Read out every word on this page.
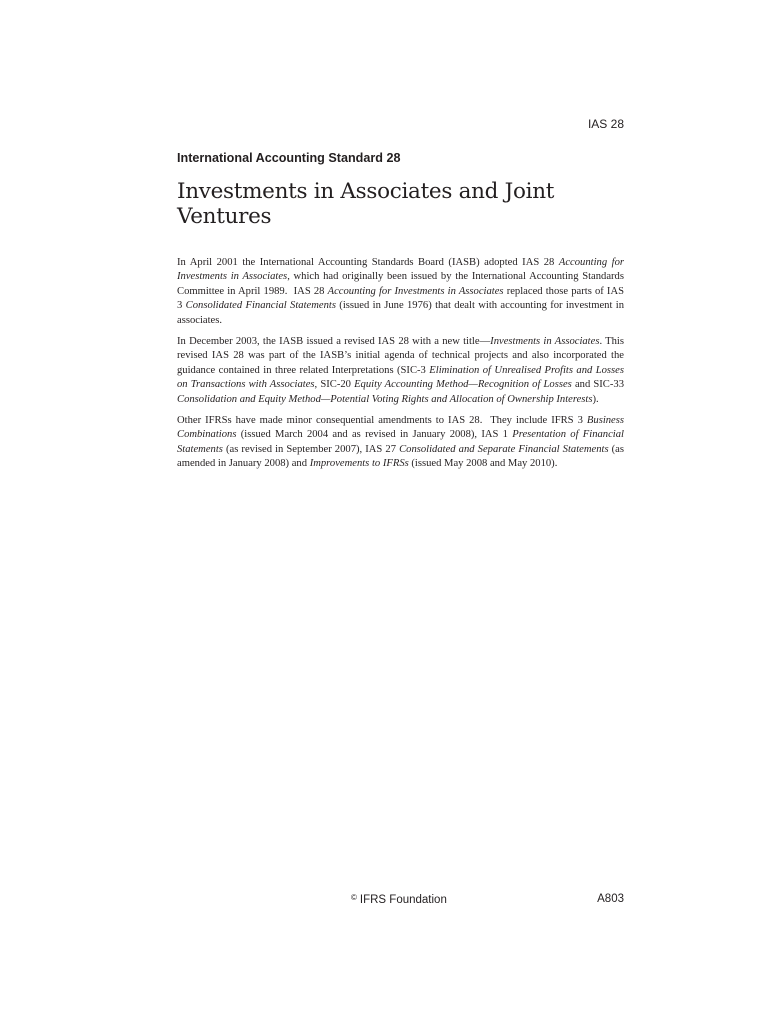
IAS 28
International Accounting Standard 28
Investments in Associates and Joint Ventures

In April 2001 the International Accounting Standards Board (IASB) adopted IAS 28 Accounting for Investments in Associates, which had originally been issued by the International Accounting Standards Committee in April 1989.  IAS 28 Accounting for Investments in Associates replaced those parts of IAS 3 Consolidated Financial Statements (issued in June 1976) that dealt with accounting for investment in associates.

In December 2003, the IASB issued a revised IAS 28 with a new title—Investments in Associates. This revised IAS 28 was part of the IASB’s initial agenda of technical projects and also incorporated the guidance contained in three related Interpretations (SIC-3 Elimination of Unrealised Profits and Losses on Transactions with Associates, SIC-20 Equity Accounting Method—Recognition of Losses and SIC-33 Consolidation and Equity Method—Potential Voting Rights and Allocation of Ownership Interests).

Other IFRSs have made minor consequential amendments to IAS 28.  They include IFRS 3 Business Combinations (issued March 2004 and as revised in January 2008), IAS 1 Presentation of Financial Statements (as revised in September 2007), IAS 27 Consolidated and Separate Financial Statements (as amended in January 2008) and Improvements to IFRSs (issued May 2008 and May 2010).

© IFRS Foundation	A803
